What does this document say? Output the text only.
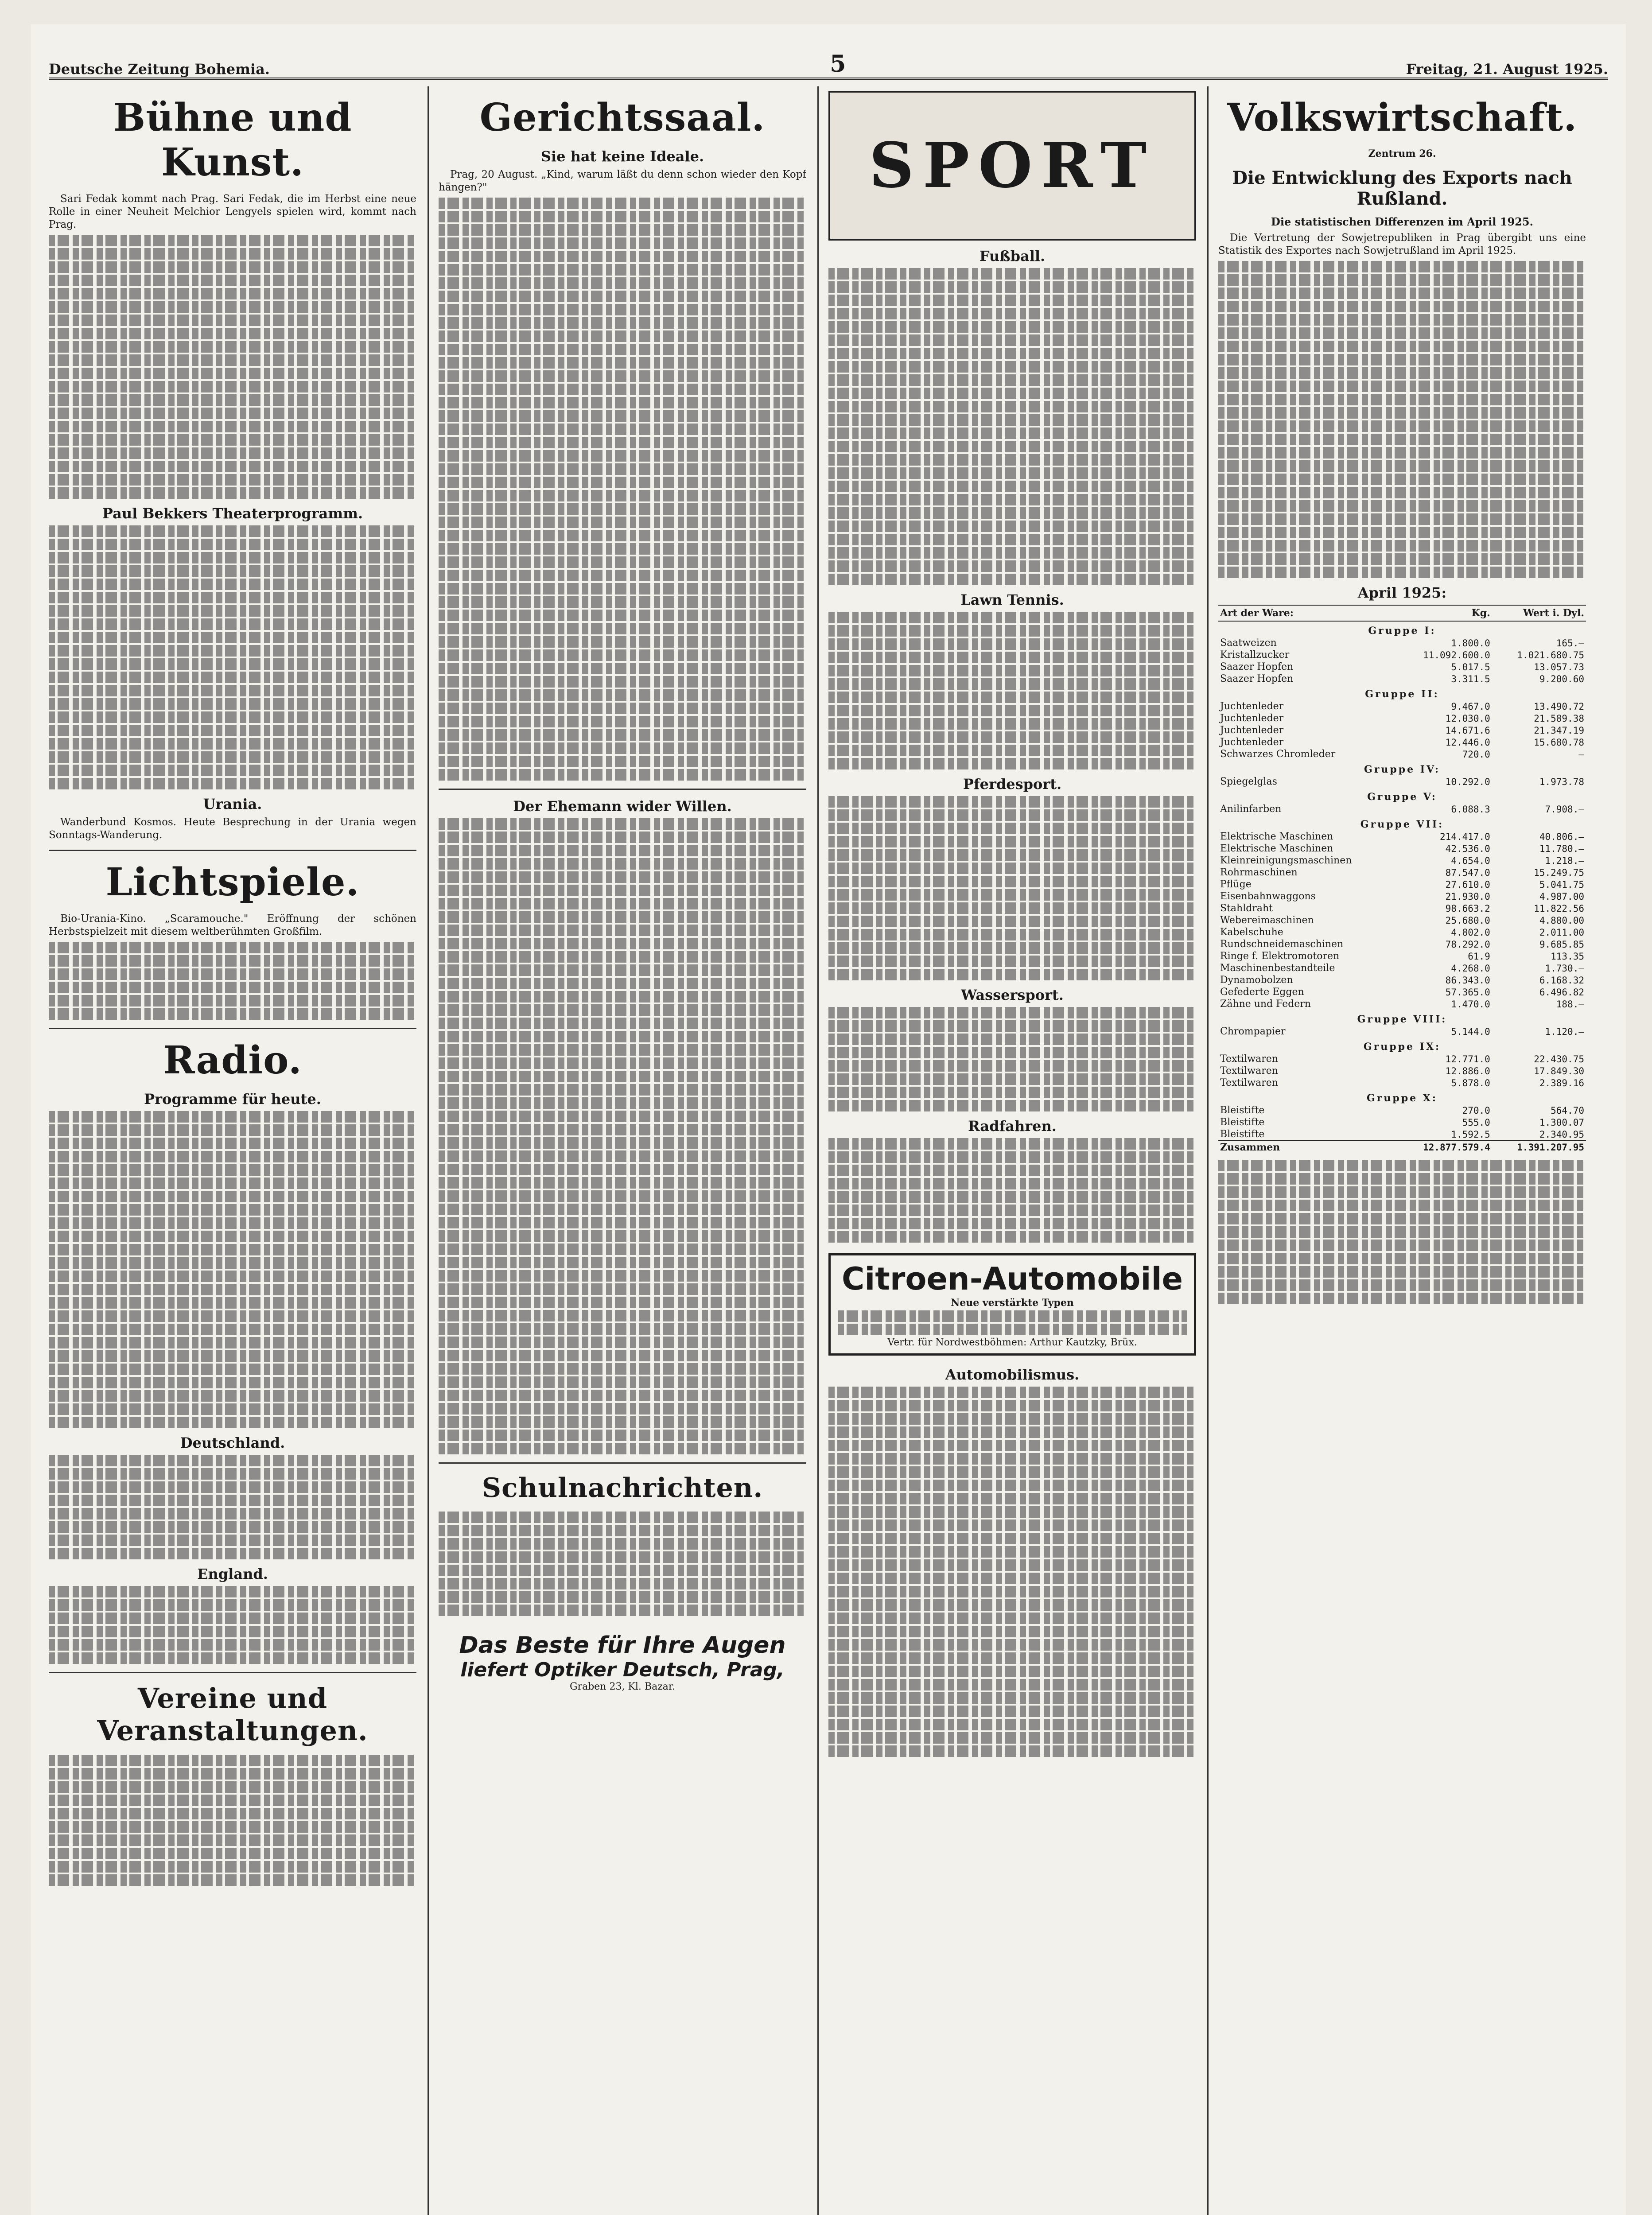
Deutsche Zeitung Bohemia.	5	Freitag, 21. August 1925.
Bühne und Kunst.

Sari Fedak kommt nach Prag. Sari Fedak, die im Herbst eine neue Rolle in einer Neuheit Melchior Lengyels spielen wird, kommt nach Prag.

Paul Bekkers Theaterprogramm.
Urania.

Wanderbund Kosmos. Heute Besprechung in der Urania wegen Sonntags-Wanderung.

Lichtspiele.

Bio-Urania-Kino. „Scaramouche." Eröffnung der schönen Herbstspielzeit mit diesem weltberühmten Großfilm.

Radio.
Programme für heute.
Deutschland.
England.
Vereine und Veranstaltungen.
Gerichtssaal.
Sie hat keine Ideale.

Prag, 20 August. „Kind, warum läßt du denn schon wieder den Kopf hängen?"

Der Ehemann wider Willen.
Schulnachrichten.
Das Beste für Ihre Augen
liefert Optiker Deutsch, Prag,
Graben 23, Kl. Bazar.
SPORT
Fußball.
Lawn Tennis.
Pferdesport.
Wassersport.
Radfahren.
Citroen-Automobile
Neue verstärkte Typen
Vertr. für Nordwestböhmen: Arthur Kautzky, Brüx.
Automobilismus.
Volkswirtschaft.
Zentrum 26.
Die Entwicklung des Exports nach Rußland.
Die statistischen Differenzen im April 1925.

Die Vertretung der Sowjetrepubliken in Prag übergibt uns eine Statistik des Exportes nach Sowjetrußland im April 1925.

April 1925:
Art der Ware:	Kg.	Wert i. Dyl.
Gruppe I:		
Saatweizen	1.800.0	165.—
Kristallzucker	11.092.600.0	1.021.680.75
Saazer Hopfen	5.017.5	13.057.73
Saazer Hopfen	3.311.5	9.200.60
Gruppe II:		
Juchtenleder	9.467.0	13.490.72
Juchtenleder	12.030.0	21.589.38
Juchtenleder	14.671.6	21.347.19
Juchtenleder	12.446.0	15.680.78
Schwarzes Chromleder	720.0	—
Gruppe IV:		
Spiegelglas	10.292.0	1.973.78
Gruppe V:		
Anilinfarben	6.088.3	7.908.—
Gruppe VII:		
Elektrische Maschinen	214.417.0	40.806.—
Elektrische Maschinen	42.536.0	11.780.—
Kleinreinigungsmaschinen	4.654.0	1.218.—
Rohrmaschinen	87.547.0	15.249.75
Pflüge	27.610.0	5.041.75
Eisenbahnwaggons	21.930.0	4.987.00
Stahldraht	98.663.2	11.822.56
Webereimaschinen	25.680.0	4.880.00
Kabelschuhe	4.802.0	2.011.00
Rundschneidemaschinen	78.292.0	9.685.85
Ringe f. Elektromotoren	61.9	113.35
Maschinenbestandteile	4.268.0	1.730.—
Dynamobolzen	86.343.0	6.168.32
Gefederte Eggen	57.365.0	6.496.82
Zähne und Federn	1.470.0	188.—
Gruppe VIII:		
Chrompapier	5.144.0	1.120.—
Gruppe IX:		
Textilwaren	12.771.0	22.430.75
Textilwaren	12.886.0	17.849.30
Textilwaren	5.878.0	2.389.16
Gruppe X:		
Bleistifte	270.0	564.70
Bleistifte	555.0	1.300.07
Bleistifte	1.592.5	2.340.95
Zusammen	12.877.579.4	1.391.207.95
